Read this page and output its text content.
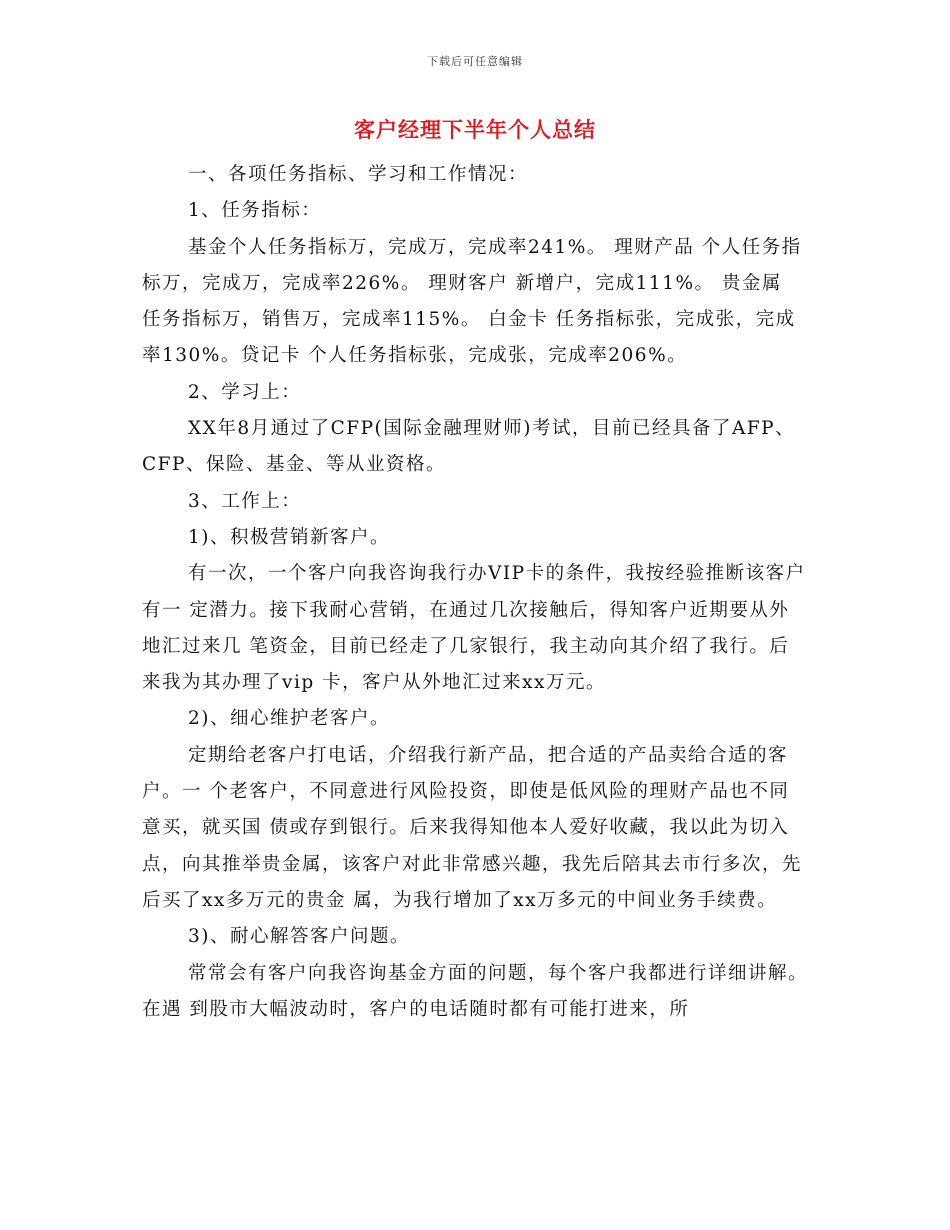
下载后可任意编辑
客户经理下半年个人总结

一、各项任务指标、学习和工作情况：

1、任务指标：

基金个人任务指标万，完成万，完成率241%。 理财产品 个人任务指标万，完成万，完成率226%。 理财客户 新增户，完成111%。 贵金属 任务指标万，销售万，完成率115%。 白金卡 任务指标张，完成张，完成率130%。贷记卡 个人任务指标张，完成张，完成率206%。

2、学习上：

XX年8月通过了CFP(国际金融理财师)考试，目前已经具备了AFP、 CFP、保险、基金、等从业资格。

3、工作上：

1)、积极营销新客户。

有一次，一个客户向我咨询我行办VIP卡的条件，我按经验推断该客户有一 定潜力。接下我耐心营销，在通过几次接触后，得知客户近期要从外地汇过来几 笔资金，目前已经走了几家银行，我主动向其介绍了我行。后来我为其办理了vip 卡，客户从外地汇过来xx万元。

2)、细心维护老客户。

定期给老客户打电话，介绍我行新产品，把合适的产品卖给合适的客户。一 个老客户，不同意进行风险投资，即使是低风险的理财产品也不同意买，就买国 债或存到银行。后来我得知他本人爱好收藏，我以此为切入点，向其推举贵金属，该客户对此非常感兴趣，我先后陪其去市行多次，先后买了xx多万元的贵金 属，为我行增加了xx万多元的中间业务手续费。

3)、耐心解答客户问题。

常常会有客户向我咨询基金方面的问题，每个客户我都进行详细讲解。在遇 到股市大幅波动时，客户的电话随时都有可能打进来，所
